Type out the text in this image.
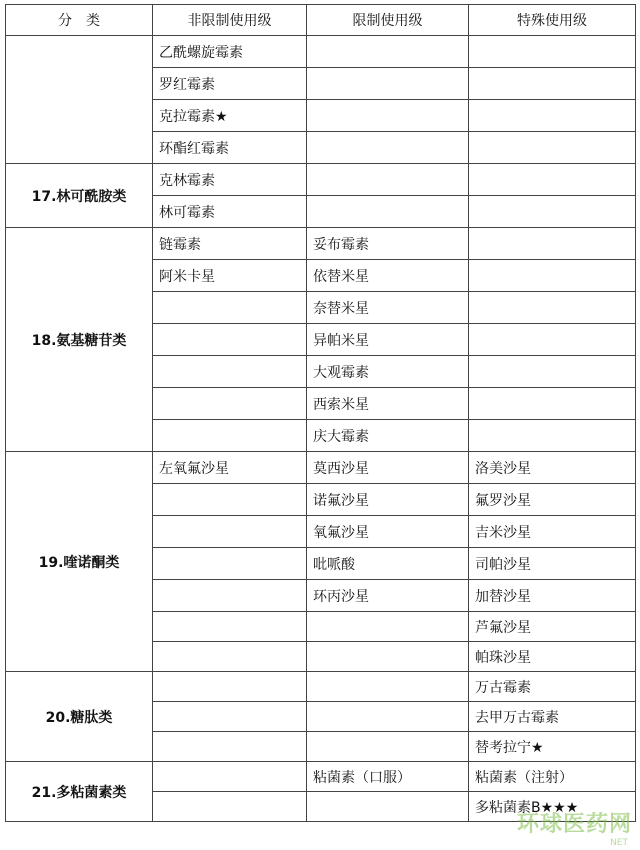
分　类	非限制使用级	限制使用级	特殊使用级
	乙酰螺旋霉素		
	罗红霉素		
	克拉霉素★		
	环酯红霉素		
17.林可酰胺类	克林霉素		
	林可霉素		
18.氨基糖苷类	链霉素	妥布霉素	
	阿米卡星	依替米星	
		奈替米星	
		异帕米星	
		大观霉素	
		西索米星	
		庆大霉素	
19.喹诺酮类	左氧氟沙星	莫西沙星	洛美沙星
		诺氟沙星	氟罗沙星
		氧氟沙星	吉米沙星
		吡哌酸	司帕沙星
		环丙沙星	加替沙星
			芦氟沙星
			帕珠沙星
20.糖肽类			万古霉素
			去甲万古霉素
			替考拉宁★
21.多粘菌素类		粘菌素（口服）	粘菌素（注射）
			多粘菌素B★★★
环球医药网
NET
